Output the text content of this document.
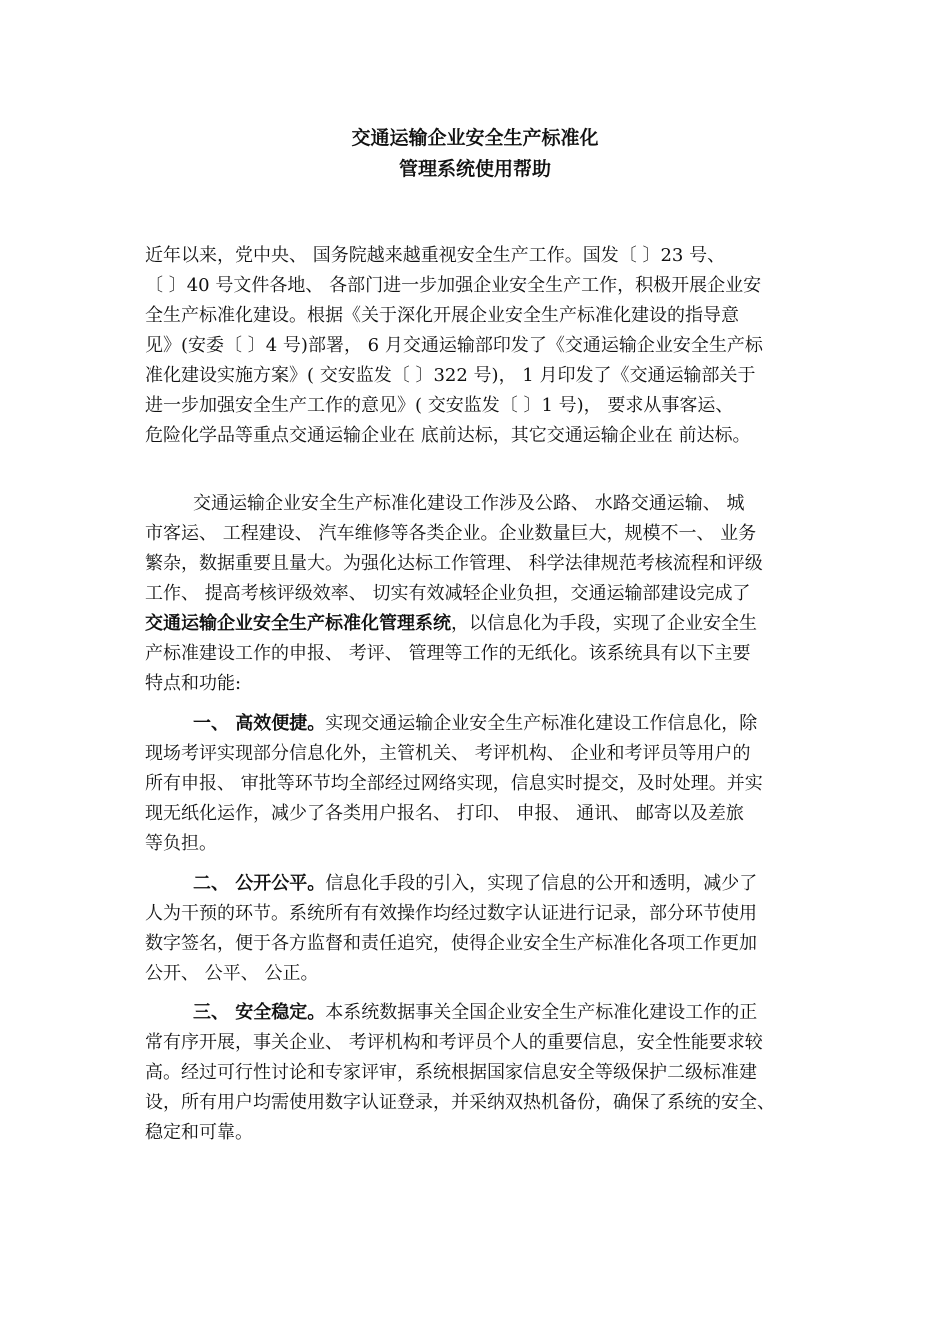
交通运输企业安全生产标准化
管理系统使用帮助
近年以来，党中央、 国务院越来越重视安全生产工作。国发〔 〕23 号、
〔 〕40 号文件各地、 各部门进一步加强企业安全生产工作，积极开展企业安
全生产标准化建设。根据《关于深化开展企业安全生产标准化建设的指导意
见》(安委〔 〕4 号)部署， 6 月交通运输部印发了《交通运输企业安全生产标
准化建设实施方案》( 交安监发〔 〕322 号)， 1 月印发了《交通运输部关于
进一步加强安全生产工作的意见》( 交安监发〔 〕1 号)， 要求从事客运、
危险化学品等重点交通运输企业在 底前达标，其它交通运输企业在 前达标。
交通运输企业安全生产标准化建设工作涉及公路、 水路交通运输、 城
市客运、 工程建设、 汽车维修等各类企业。企业数量巨大，规模不一、 业务
繁杂，数据重要且量大。为强化达标工作管理、 科学法律规范考核流程和评级
工作、 提高考核评级效率、 切实有效减轻企业负担，交通运输部建设完成了
交通运输企业安全生产标准化管理系统，以信息化为手段，实现了企业安全生
产标准建设工作的申报、 考评、 管理等工作的无纸化。该系统具有以下主要
特点和功能:
一、 高效便捷。实现交通运输企业安全生产标准化建设工作信息化，除
现场考评实现部分信息化外，主管机关、 考评机构、 企业和考评员等用户的
所有申报、 审批等环节均全部经过网络实现，信息实时提交，及时处理。并实
现无纸化运作，减少了各类用户报名、 打印、 申报、 通讯、 邮寄以及差旅
等负担。
二、 公开公平。信息化手段的引入，实现了信息的公开和透明，减少了
人为干预的环节。系统所有有效操作均经过数字认证进行记录，部分环节使用
数字签名，便于各方监督和责任追究，使得企业安全生产标准化各项工作更加
公开、 公平、 公正。
三、 安全稳定。本系统数据事关全国企业安全生产标准化建设工作的正
常有序开展，事关企业、 考评机构和考评员个人的重要信息，安全性能要求较
高。经过可行性讨论和专家评审，系统根据国家信息安全等级保护二级标准建
设，所有用户均需使用数字认证登录，并采纳双热机备份，确保了系统的安全、
稳定和可靠。
